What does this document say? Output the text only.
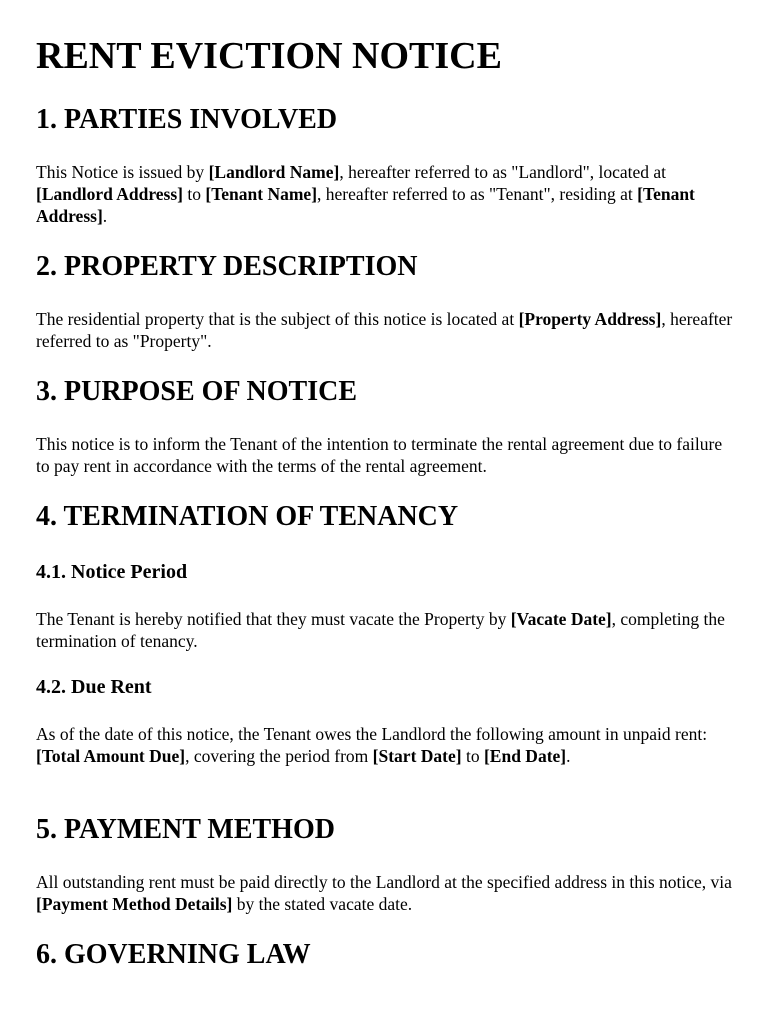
RENT EVICTION NOTICE
1. PARTIES INVOLVED

This Notice is issued by [Landlord Name], hereafter referred to as "Landlord", located at [Landlord Address] to [Tenant Name], hereafter referred to as "Tenant", residing at [Tenant Address].

2. PROPERTY DESCRIPTION

The residential property that is the subject of this notice is located at [Property Address], hereafter referred to as "Property".

3. PURPOSE OF NOTICE

This notice is to inform the Tenant of the intention to terminate the rental agreement due to failure to pay rent in accordance with the terms of the rental agreement.

4. TERMINATION OF TENANCY
4.1. Notice Period

The Tenant is hereby notified that they must vacate the Property by [Vacate Date], completing the termination of tenancy.

4.2. Due Rent

As of the date of this notice, the Tenant owes the Landlord the following amount in unpaid rent: [Total Amount Due], covering the period from [Start Date] to [End Date].

5. PAYMENT METHOD

All outstanding rent must be paid directly to the Landlord at the specified address in this notice, via [Payment Method Details] by the stated vacate date.

6. GOVERNING LAW
